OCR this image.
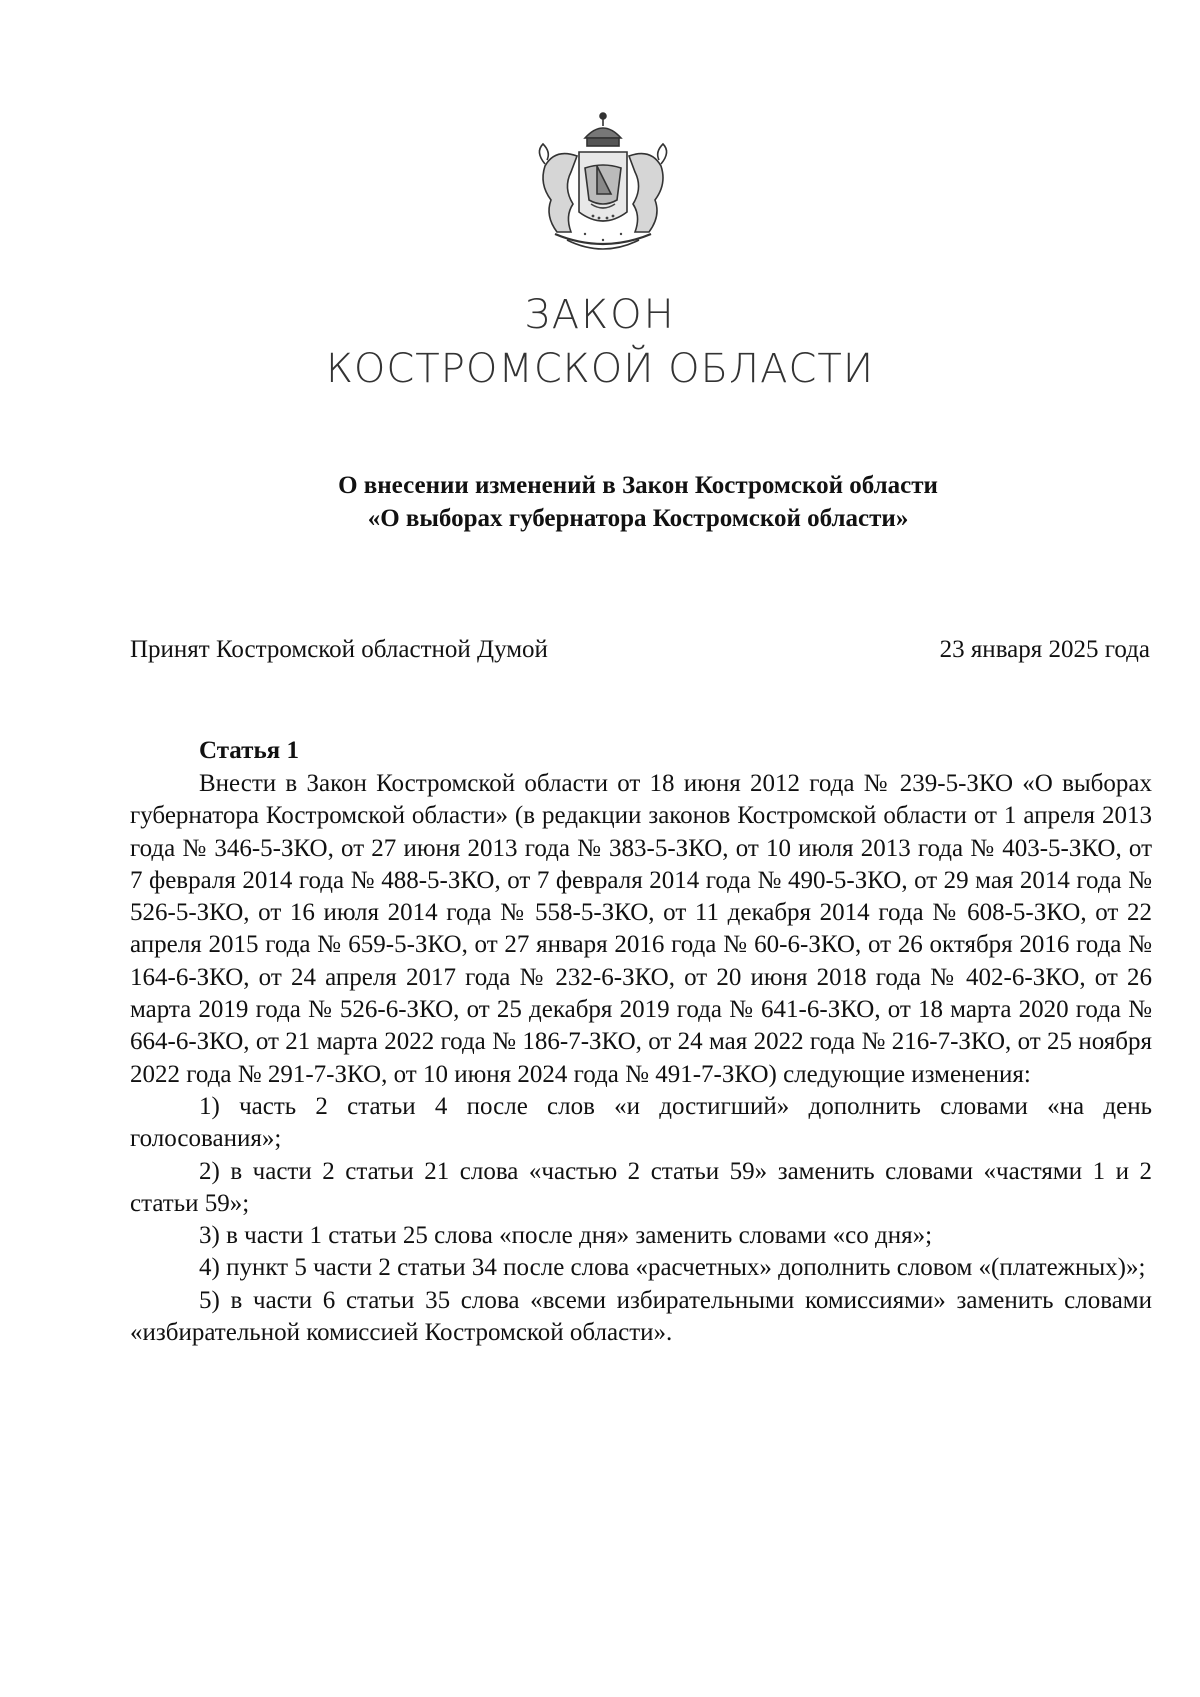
ЗАКОН
КОСТРОМСКОЙ ОБЛАСТИ
О внесении изменений в Закон Костромской области
«О выборах губернатора Костромской области»
Принят Костромской областной Думой	23 января 2025 года
Статья 1

Внести в Закон Костромской области от 18 июня 2012 года № 239-5-ЗКО «О выборах губернатора Костромской области» (в редакции законов Костромской области от 1 апреля 2013 года № 346-5-ЗКО, от 27 июня 2013 года № 383-5-ЗКО, от 10 июля 2013 года № 403-5-ЗКО, от 7 февраля 2014 года № 488-5-ЗКО, от 7 февраля 2014 года № 490-5-ЗКО, от 29 мая 2014 года № 526-5-ЗКО, от 16 июля 2014 года № 558-5-ЗКО, от 11 декабря 2014 года № 608-5-ЗКО, от 22 апреля 2015 года № 659-5-ЗКО, от 27 января 2016 года № 60-6-ЗКО, от 26 октября 2016 года № 164-6-ЗКО, от 24 апреля 2017 года № 232-6-ЗКО, от 20 июня 2018 года № 402-6-ЗКО, от 26 марта 2019 года № 526-6-ЗКО, от 25 декабря 2019 года № 641-6-ЗКО, от 18 марта 2020 года № 664-6-ЗКО, от 21 марта 2022 года № 186-7-ЗКО, от 24 мая 2022 года № 216-7-ЗКО, от 25 ноября 2022 года № 291-7-ЗКО, от 10 июня 2024 года № 491-7-ЗКО) следующие изменения:

1) часть 2 статьи 4 после слов «и достигший» дополнить словами «на день голосования»;

2) в части 2 статьи 21 слова «частью 2 статьи 59» заменить словами «частями 1 и 2 статьи 59»;

3) в части 1 статьи 25 слова «после дня» заменить словами «со дня»;

4) пункт 5 части 2 статьи 34 после слова «расчетных» дополнить словом «(платежных)»;

5) в части 6 статьи 35 слова «всеми избирательными комиссиями» заменить словами «избирательной комиссией Костромской области».
